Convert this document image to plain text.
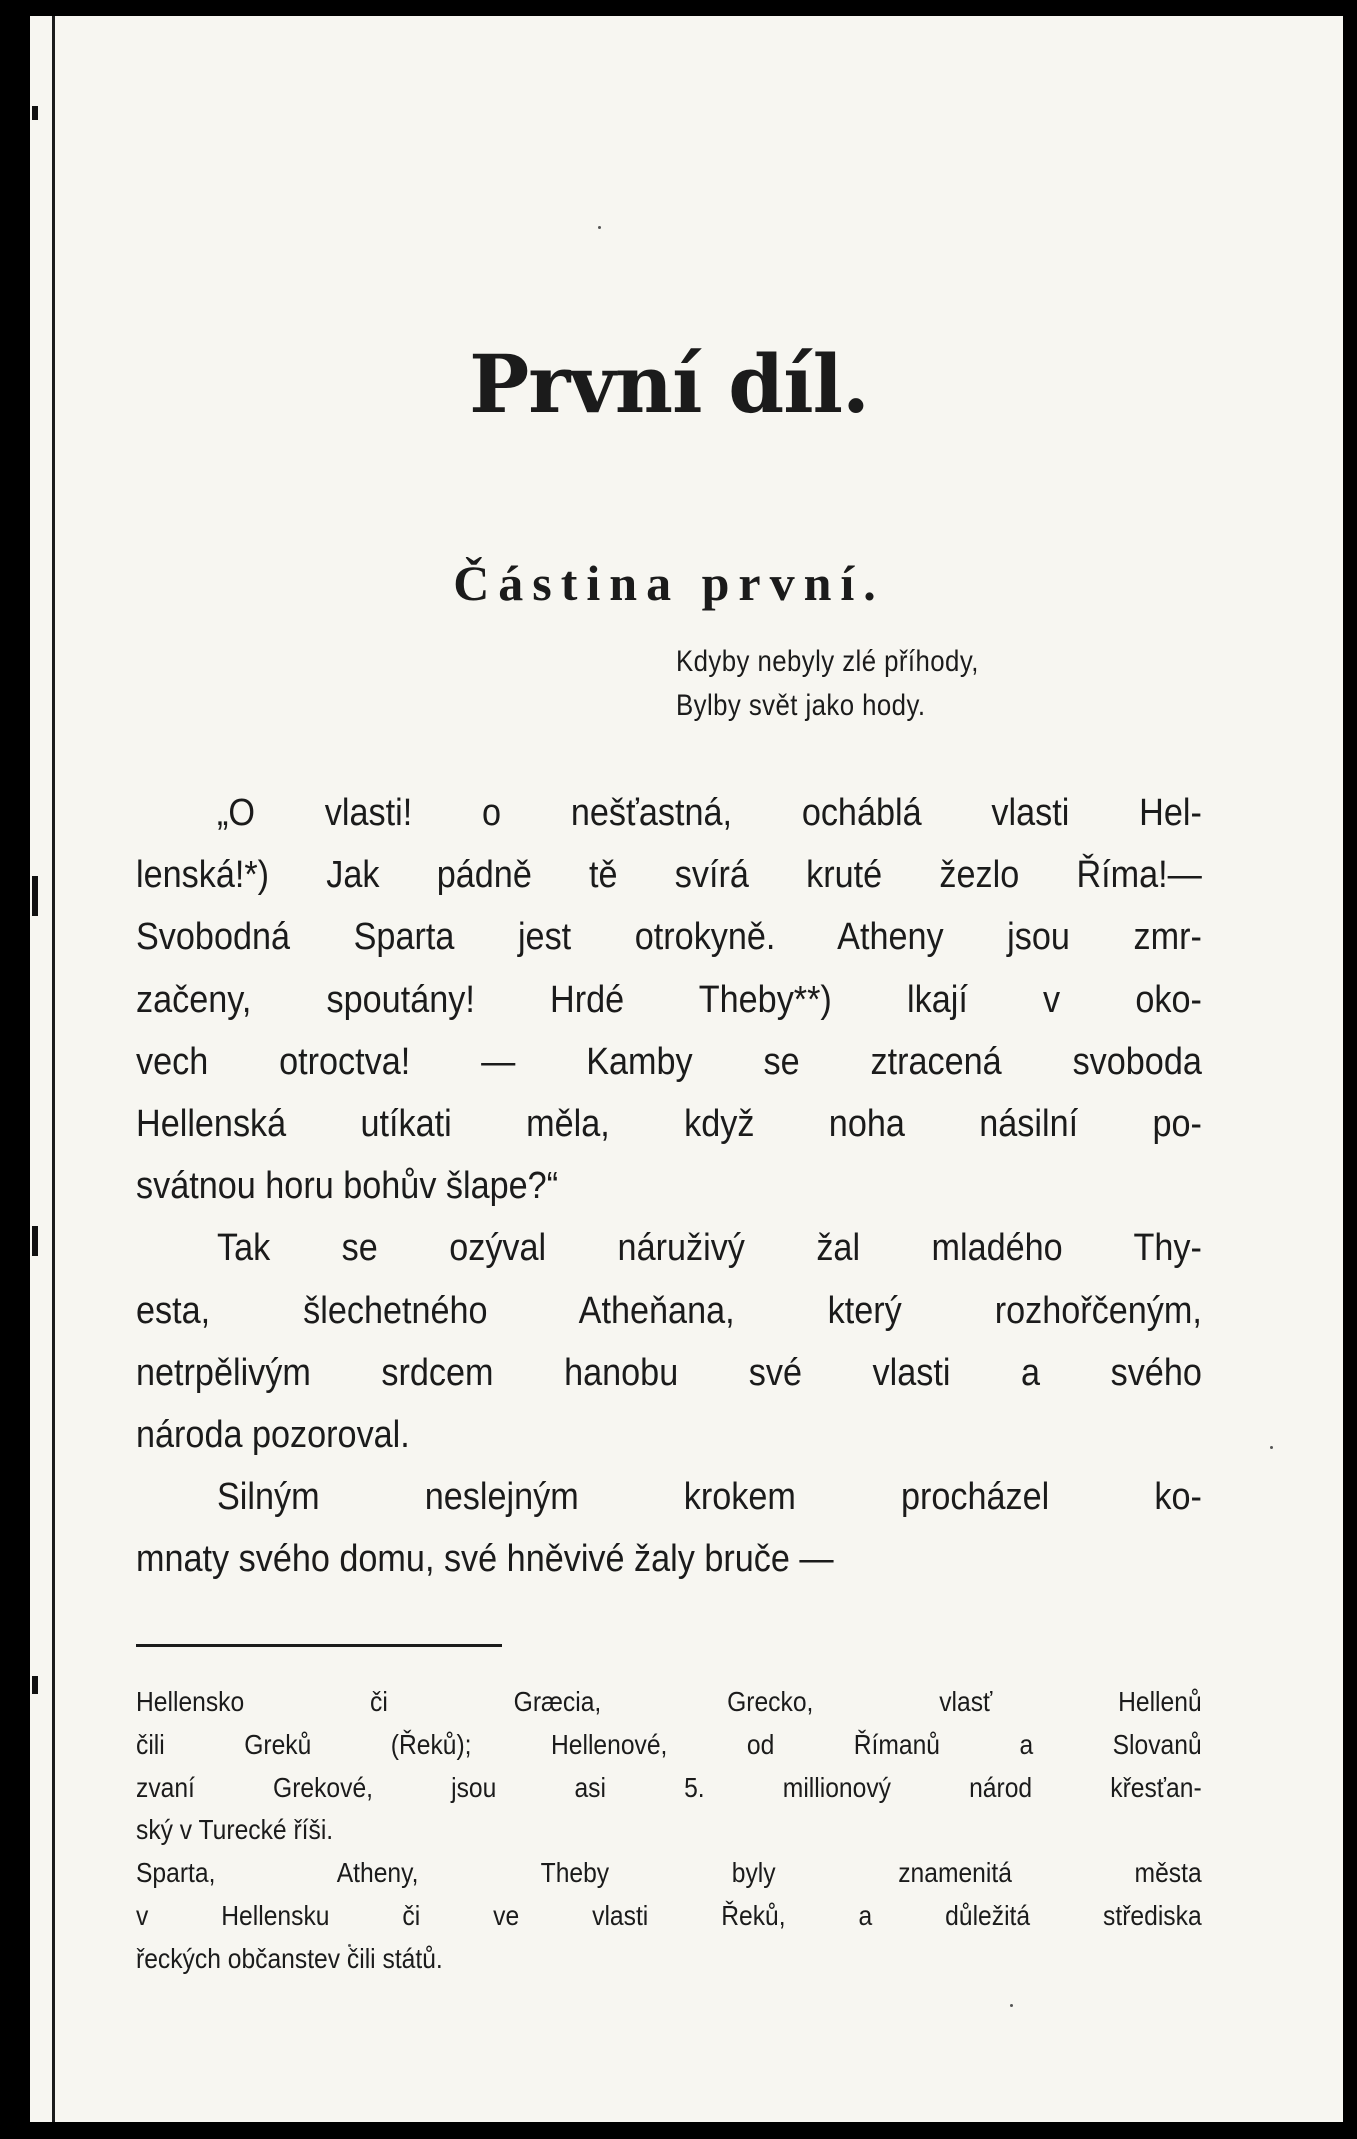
První díl.
Částina první.
Kdyby nebyly zlé příhody,
Bylby svět jako hody.
„O vlasti! o nešťastná, ocháblá vlasti Hel-
lenská!*) Jak pádně tě svírá kruté žezlo Říma!—
Svobodná Sparta jest otrokyně. Atheny jsou zmr-
začeny, spoutány! Hrdé Theby**) lkají v oko-
vech otroctva! — Kamby se ztracená svoboda
Hellenská utíkati měla, když noha násilní po-
svátnou horu bohův šlape?“
Tak se ozýval náruživý žal mladého Thy-
esta, šlechetného Atheňana, který rozhořčeným,
netrpělivým srdcem hanobu své vlasti a svého
národa pozoroval.
Silným neslejným krokem procházel ko-
mnaty svého domu, své hněvivé žaly bruče —
Hellensko či Græcia, Grecko, vlasť Hellenů
čili Greků (Řeků); Hellenové, od Římanů a Slovanů
zvaní Grekové, jsou asi 5. millionový národ křesťan-
ský v Turecké říši.
Sparta, Atheny, Theby byly znamenitá města
v Hellensku či ve vlasti Řeků, a důležitá střediska
řeckých občanstev čili států.
